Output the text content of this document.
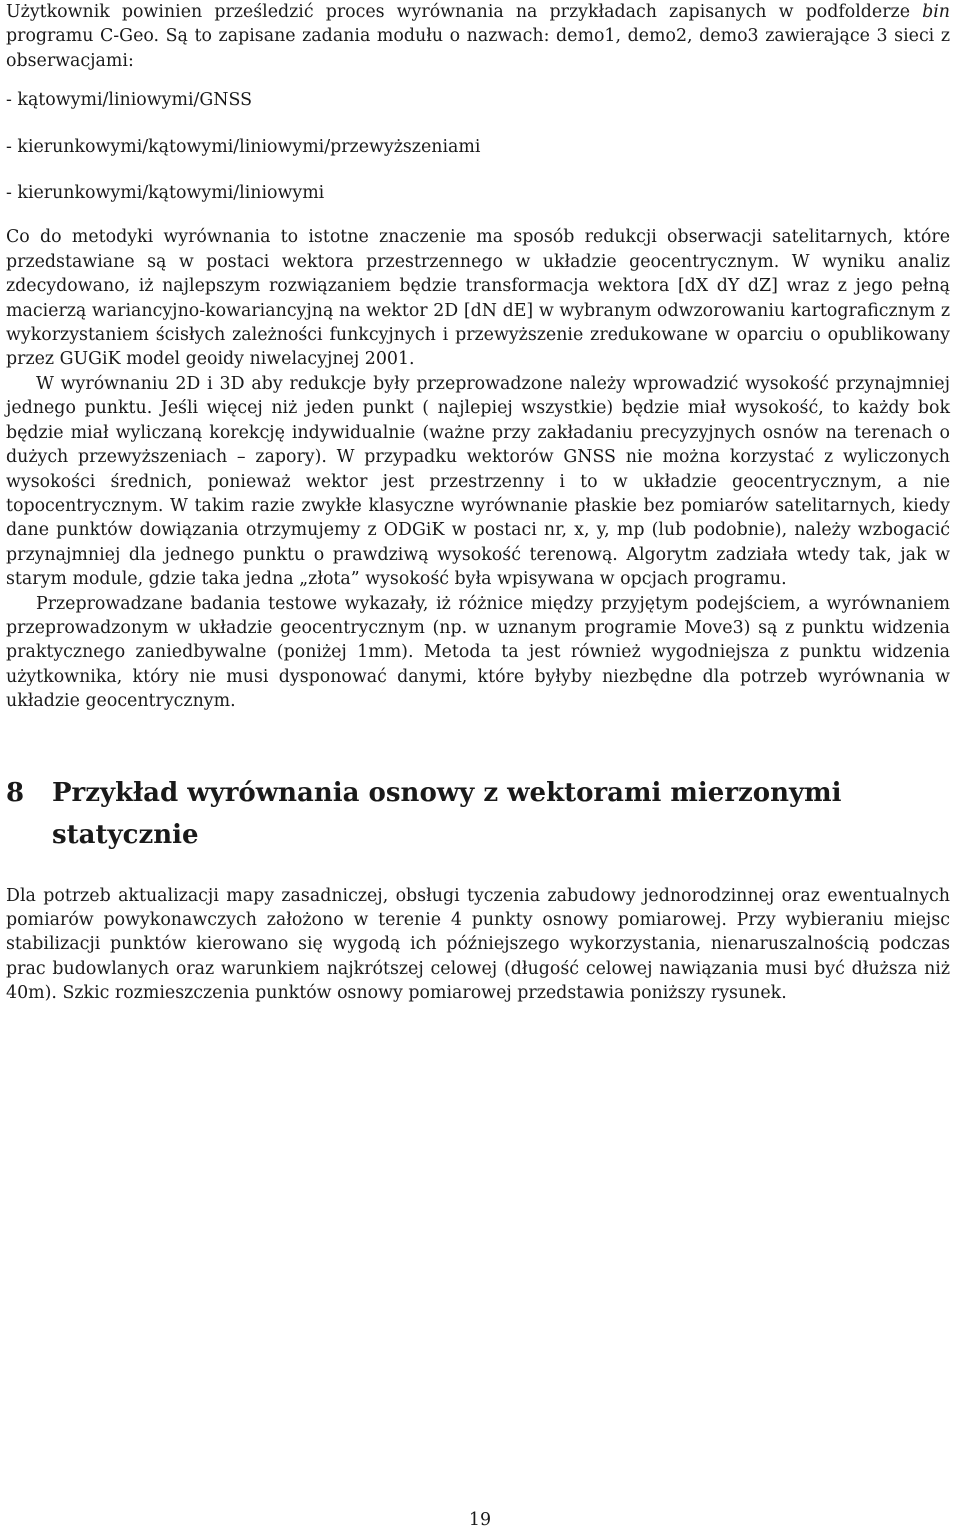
Użytkownik powinien prześledzić proces wyrównania na przykładach zapisanych w podfolderze bin programu C-Geo. Są to zapisane zadania modułu o nazwach: demo1, demo2, demo3 zawierające 3 sieci z obserwacjami:

- kątowymi/liniowymi/GNSS
- kierunkowymi/kątowymi/liniowymi/przewyższeniami
- kierunkowymi/kątowymi/liniowymi

Co do metodyki wyrównania to istotne znaczenie ma sposób redukcji obserwacji satelitarnych, które przedstawiane są w postaci wektora przestrzennego w układzie geocentrycznym. W wyniku analiz zdecydowano, iż najlepszym rozwiązaniem będzie transformacja wektora [dX dY dZ] wraz z jego pełną macierzą wariancyjno-kowariancyjną na wektor 2D [dN dE] w wybranym odwzorowaniu kartograficznym z wykorzystaniem ścisłych zależności funkcyjnych i przewyższenie zredukowane w oparciu o opublikowany przez GUGiK model geoidy niwelacyjnej 2001.

W wyrównaniu 2D i 3D aby redukcje były przeprowadzone należy wprowadzić wysokość przynajmniej jednego punktu. Jeśli więcej niż jeden punkt ( najlepiej wszystkie) będzie miał wysokość, to każdy bok będzie miał wyliczaną korekcję indywidualnie (ważne przy zakładaniu precyzyjnych osnów na terenach o dużych przewyższeniach – zapory). W przypadku wektorów GNSS nie można korzystać z wyliczonych wysokości średnich, ponieważ wektor jest przestrzenny i to w układzie geocentrycznym, a nie topocentrycznym. W takim razie zwykłe klasyczne wyrównanie płaskie bez pomiarów satelitarnych, kiedy dane punktów dowiązania otrzymujemy z ODGiK w postaci nr, x, y, mp (lub podobnie), należy wzbogacić przynajmniej dla jednego punktu o prawdziwą wysokość terenową. Algorytm zadziała wtedy tak, jak w starym module, gdzie taka jedna „złota” wysokość była wpisywana w opcjach programu.

Przeprowadzane badania testowe wykazały, iż różnice między przyjętym podejściem, a wyrównaniem przeprowadzonym w układzie geocentrycznym (np. w uznanym programie Move3) są z punktu widzenia praktycznego zaniedbywalne (poniżej 1mm). Metoda ta jest również wygodniejsza z punktu widzenia użytkownika, który nie musi dysponować danymi, które byłyby niezbędne dla potrzeb wyrównania w układzie geocentrycznym.

8	Przykład wyrównania osnowy z wektorami mierzonymi statycznie

Dla potrzeb aktualizacji mapy zasadniczej, obsługi tyczenia zabudowy jednorodzinnej oraz ewentualnych pomiarów powykonawczych założono w terenie 4 punkty osnowy pomiarowej. Przy wybieraniu miejsc stabilizacji punktów kierowano się wygodą ich późniejszego wykorzystania, nienaruszalnością podczas prac budowlanych oraz warunkiem najkrótszej celowej (długość celowej nawiązania musi być dłuższa niż 40m). Szkic rozmieszczenia punktów osnowy pomiarowej przedstawia poniższy rysunek.

19
